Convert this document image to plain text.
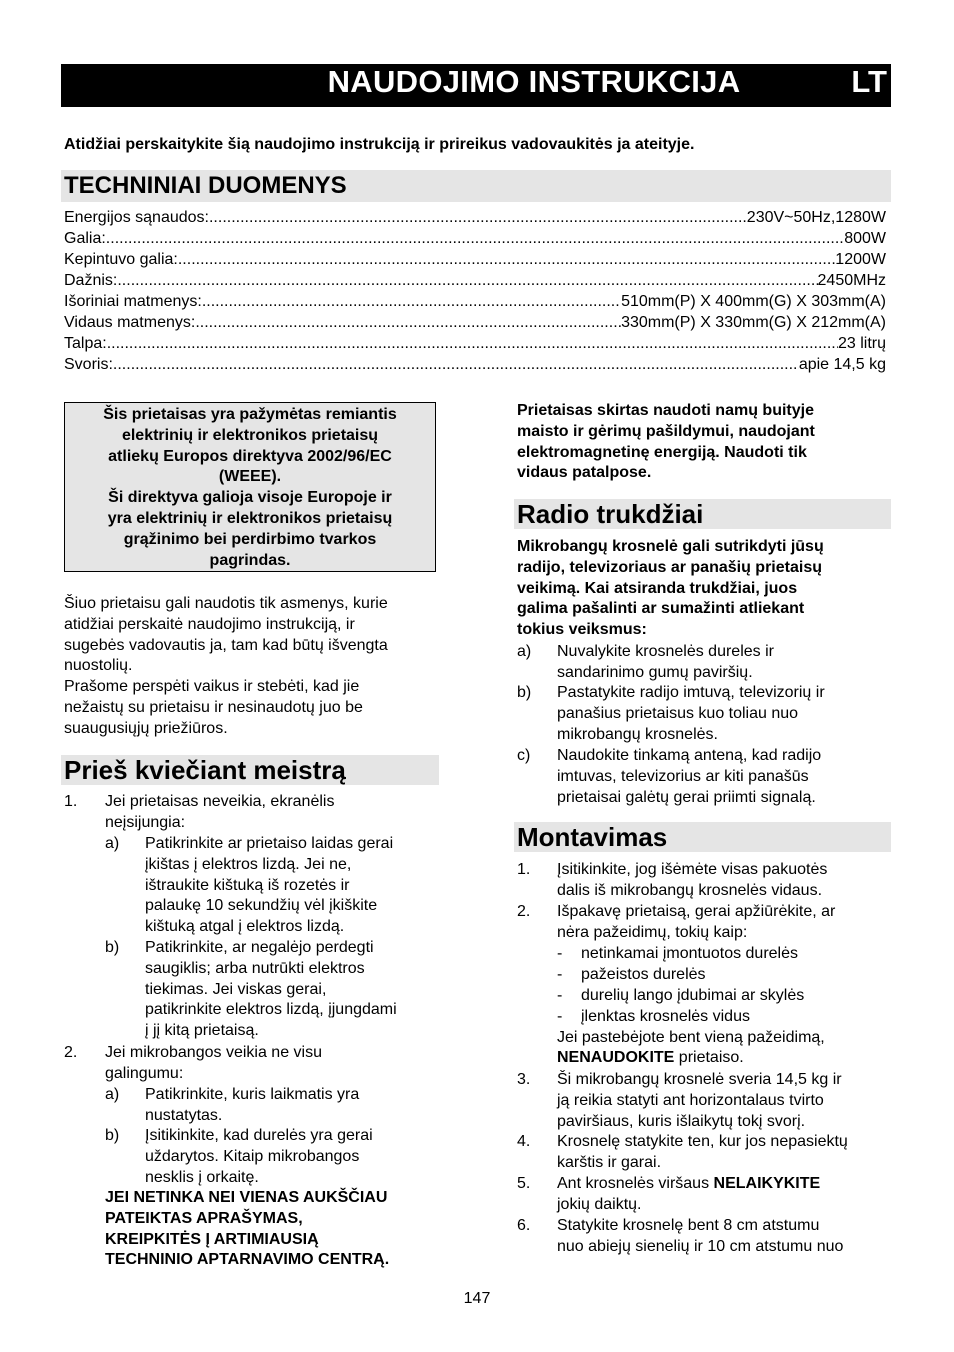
NAUDOJIMO INSTRUKCIJA	LT
Atidžiai perskaitykite šią naudojimo instrukciją ir prireikus vadovaukitės ja ateityje.
TECHNINIAI DUOMENYS
Energijos sąnaudos: .....	230V~50Hz,1280W
Galia: .....	800W
Kepintuvo galia: .....	1200W
Dažnis: .....	2450MHz
Išoriniai matmenys: .....	510mm(P) X 400mm(G) X 303mm(A)
Vidaus matmenys: .....	330mm(P) X 330mm(G) X 212mm(A)
Talpa: .....	23 litrų
Svoris: .....	apie 14,5 kg
Šis prietaisas yra pažymėtas remiantis
elektrinių ir elektronikos prietaisų
atliekų Europos direktyva 2002/96/EC
(WEEE).
Ši direktyva galioja visoje Europoje ir
yra elektrinių ir elektronikos prietaisų
grąžinimo bei perdirbimo tvarkos
pagrindas.
Šiuo prietaisu gali naudotis tik asmenys, kurie
atidžiai perskaitė naudojimo instrukciją, ir
sugebės vadovautis ja, tam kad būtų išvengta
nuostolių.
Prašome perspėti vaikus ir stebėti, kad jie
nežaistų su prietaisu ir nesinaudotų juo be
suaugusiųjų priežiūros.
Prieš kviečiant meistrą
1. Jei prietaisas neveikia, ekranėlis
neįsijungia:
a) Patikrinkite ar prietaiso laidas gerai
įkištas į elektros lizdą. Jei ne,
ištraukite kištuką iš rozetės ir
palaukę 10 sekundžių vėl įkiškite
kištuką atgal į elektros lizdą.
b) Patikrinkite, ar negalėjo perdegti
saugiklis; arba nutrūkti elektros
tiekimas. Jei viskas gerai,
patikrinkite elektros lizdą, įjungdami
į jį kitą prietaisą.
2. Jei mikrobangos veikia ne visu
galingumu:
a) Patikrinkite, kuris laikmatis yra
nustatytas.
b) Įsitikinkite, kad durelės yra gerai
uždarytos. Kitaip mikrobangos
nesklis į orkaitę.
JEI NETINKA NEI VIENAS AUKŠČIAU
PATEIKTAS APRAŠYMAS,
KREIPKITĖS Į ARTIMIAUSIĄ
TECHNINIO APTARNAVIMO CENTRĄ.
Prietaisas skirtas naudoti namų buityje
maisto ir gėrimų pašildymui, naudojant
elektromagnetinę energiją. Naudoti tik
vidaus patalpose.
Radio trukdžiai
Mikrobangų krosnelė gali sutrikdyti jūsų
radijo, televizoriaus ar panašių prietaisų
veikimą. Kai atsiranda trukdžiai, juos
galima pašalinti ar sumažinti atliekant
tokius veiksmus:
a) Nuvalykite krosnelės dureles ir
sandarinimo gumų paviršių.
b) Pastatykite radijo imtuvą, televizorių ir
panašius prietaisus kuo toliau nuo
mikrobangų krosnelės.
c) Naudokite tinkamą anteną, kad radijo
imtuvas, televizorius ar kiti panašūs
prietaisai galėtų gerai priimti signalą.
Montavimas
1. Įsitikinkite, jog išėmėte visas pakuotės
dalis iš mikrobangų krosnelės vidaus.
2. Išpakavę prietaisą, gerai apžiūrėkite, ar
nėra pažeidimų, tokių kaip:
- netinkamai įmontuotos durelės
- pažeistos durelės
- durelių lango įdubimai ar skylės
- įlenktas krosnelės vidus
Jei pastebėjote bent vieną pažeidimą,
NENAUDOKITE prietaiso.
3. Ši mikrobangų krosnelė sveria 14,5 kg ir
ją reikia statyti ant horizontalaus tvirto
paviršiaus, kuris išlaikytų tokį svorį.
4. Krosnelę statykite ten, kur jos nepasiektų
karštis ir garai.
5. Ant krosnelės viršaus NELAIKYKITE
jokių daiktų.
6. Statykite krosnelę bent 8 cm atstumu
nuo abiejų sienelių ir 10 cm atstumu nuo
147
